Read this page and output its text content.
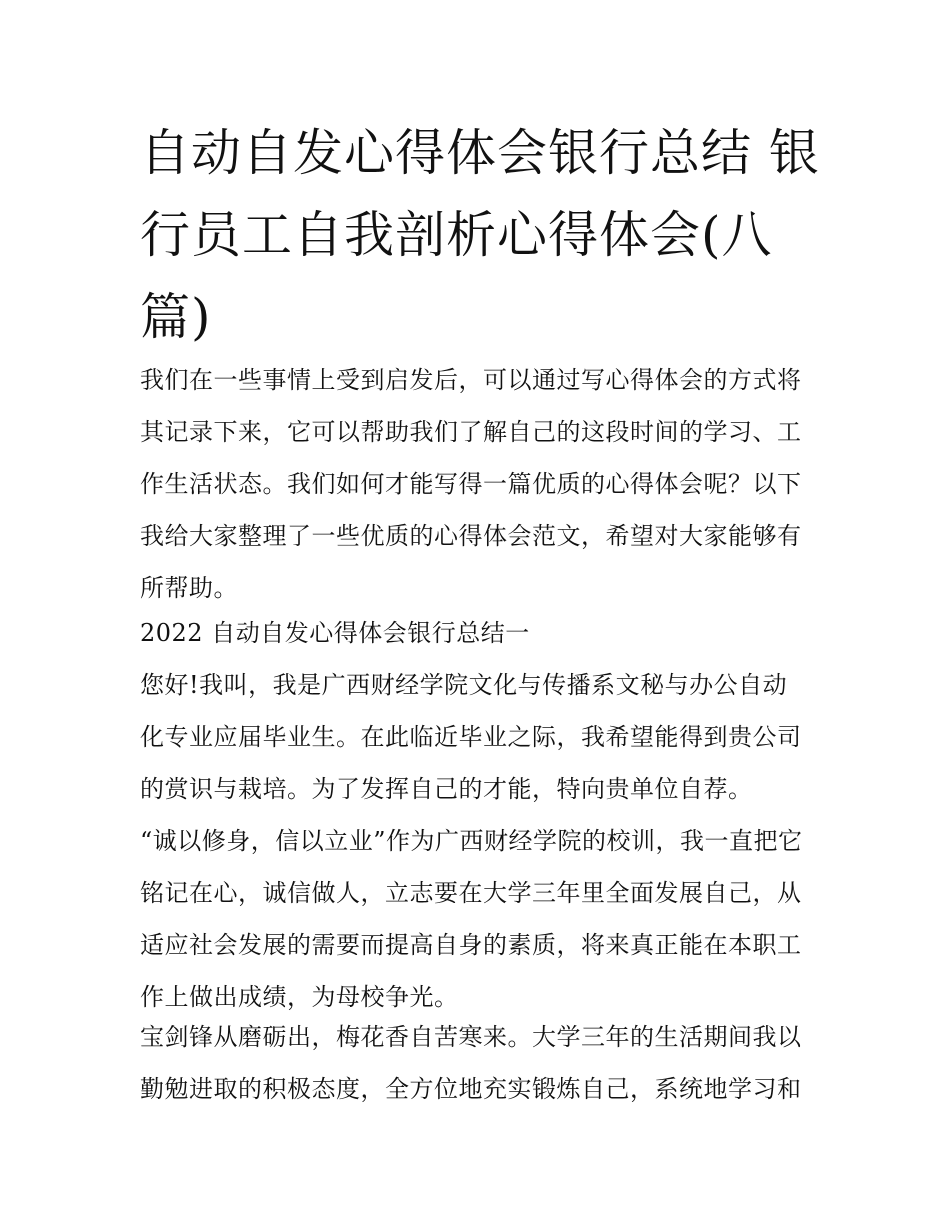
自动自发心得体会银行总结 银
行员工自我剖析心得体会(八
篇)

我们在一些事情上受到启发后，可以通过写心得体会的方式将
其记录下来，它可以帮助我们了解自己的这段时间的学习、工
作生活状态。我们如何才能写得一篇优质的心得体会呢？以下
我给大家整理了一些优质的心得体会范文，希望对大家能够有
所帮助。

2022 自动自发心得体会银行总结一

您好!我叫，我是广西财经学院文化与传播系文秘与办公自动
化专业应届毕业生。在此临近毕业之际，我希望能得到贵公司
的赏识与栽培。为了发挥自己的才能，特向贵单位自荐。

“诚以修身，信以立业”作为广西财经学院的校训，我一直把它
铭记在心，诚信做人，立志要在大学三年里全面发展自己，从
适应社会发展的需要而提高自身的素质，将来真正能在本职工
作上做出成绩，为母校争光。

宝剑锋从磨砺出，梅花香自苦寒来。大学三年的生活期间我以
勤勉进取的积极态度，全方位地充实锻炼自己，系统地学习和
